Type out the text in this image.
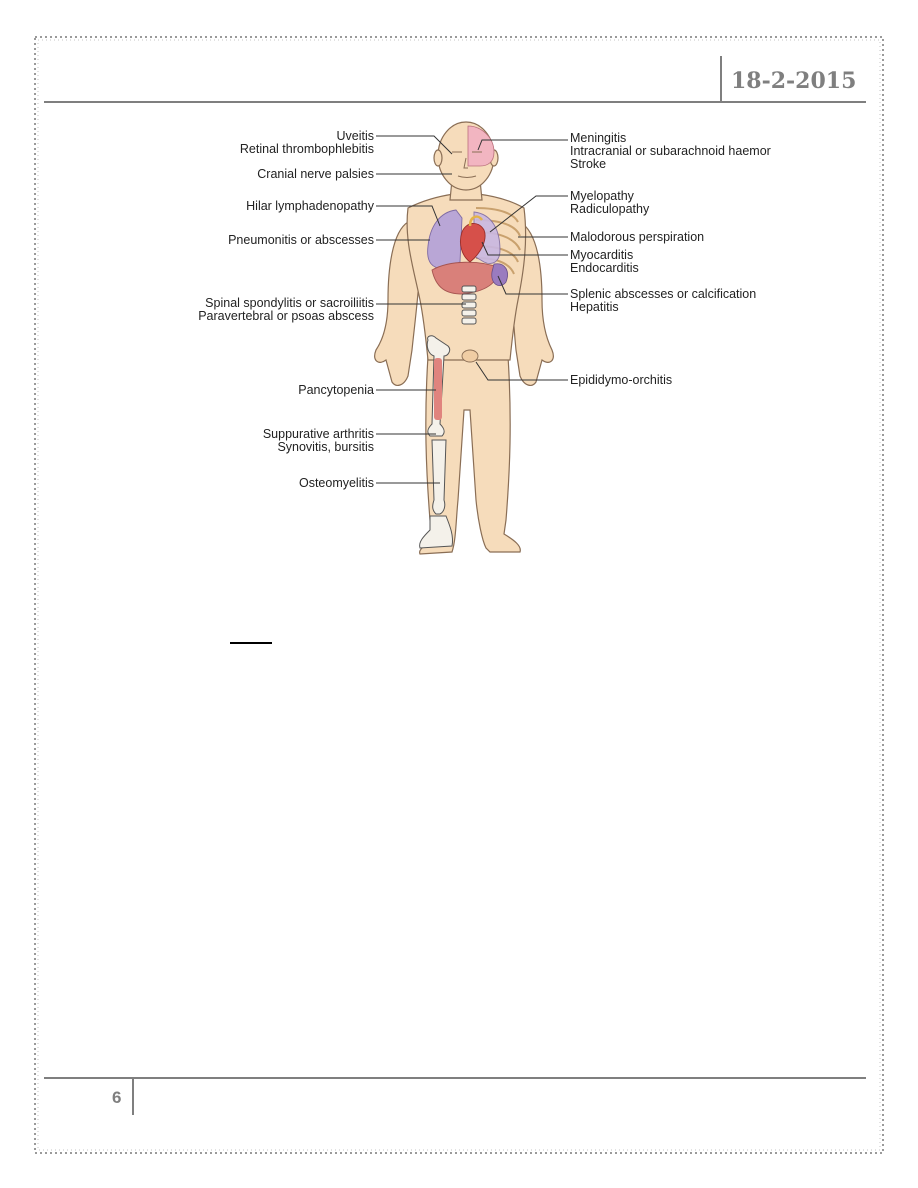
18-2-2015
6
Uveitis
Retinal thrombophlebitis
Cranial nerve palsies
Hilar lymphadenopathy
Pneumonitis or abscesses
Spinal spondylitis or sacroiliitis
Paravertebral or psoas abscess
Pancytopenia
Suppurative arthritis
Synovitis, bursitis
Osteomyelitis
Meningitis
Intracranial or subarachnoid haemor
Stroke
Myelopathy
Radiculopathy
Malodorous perspiration
Myocarditis
Endocarditis
Splenic abscesses or calcification
Hepatitis
Epididymo-orchitis
